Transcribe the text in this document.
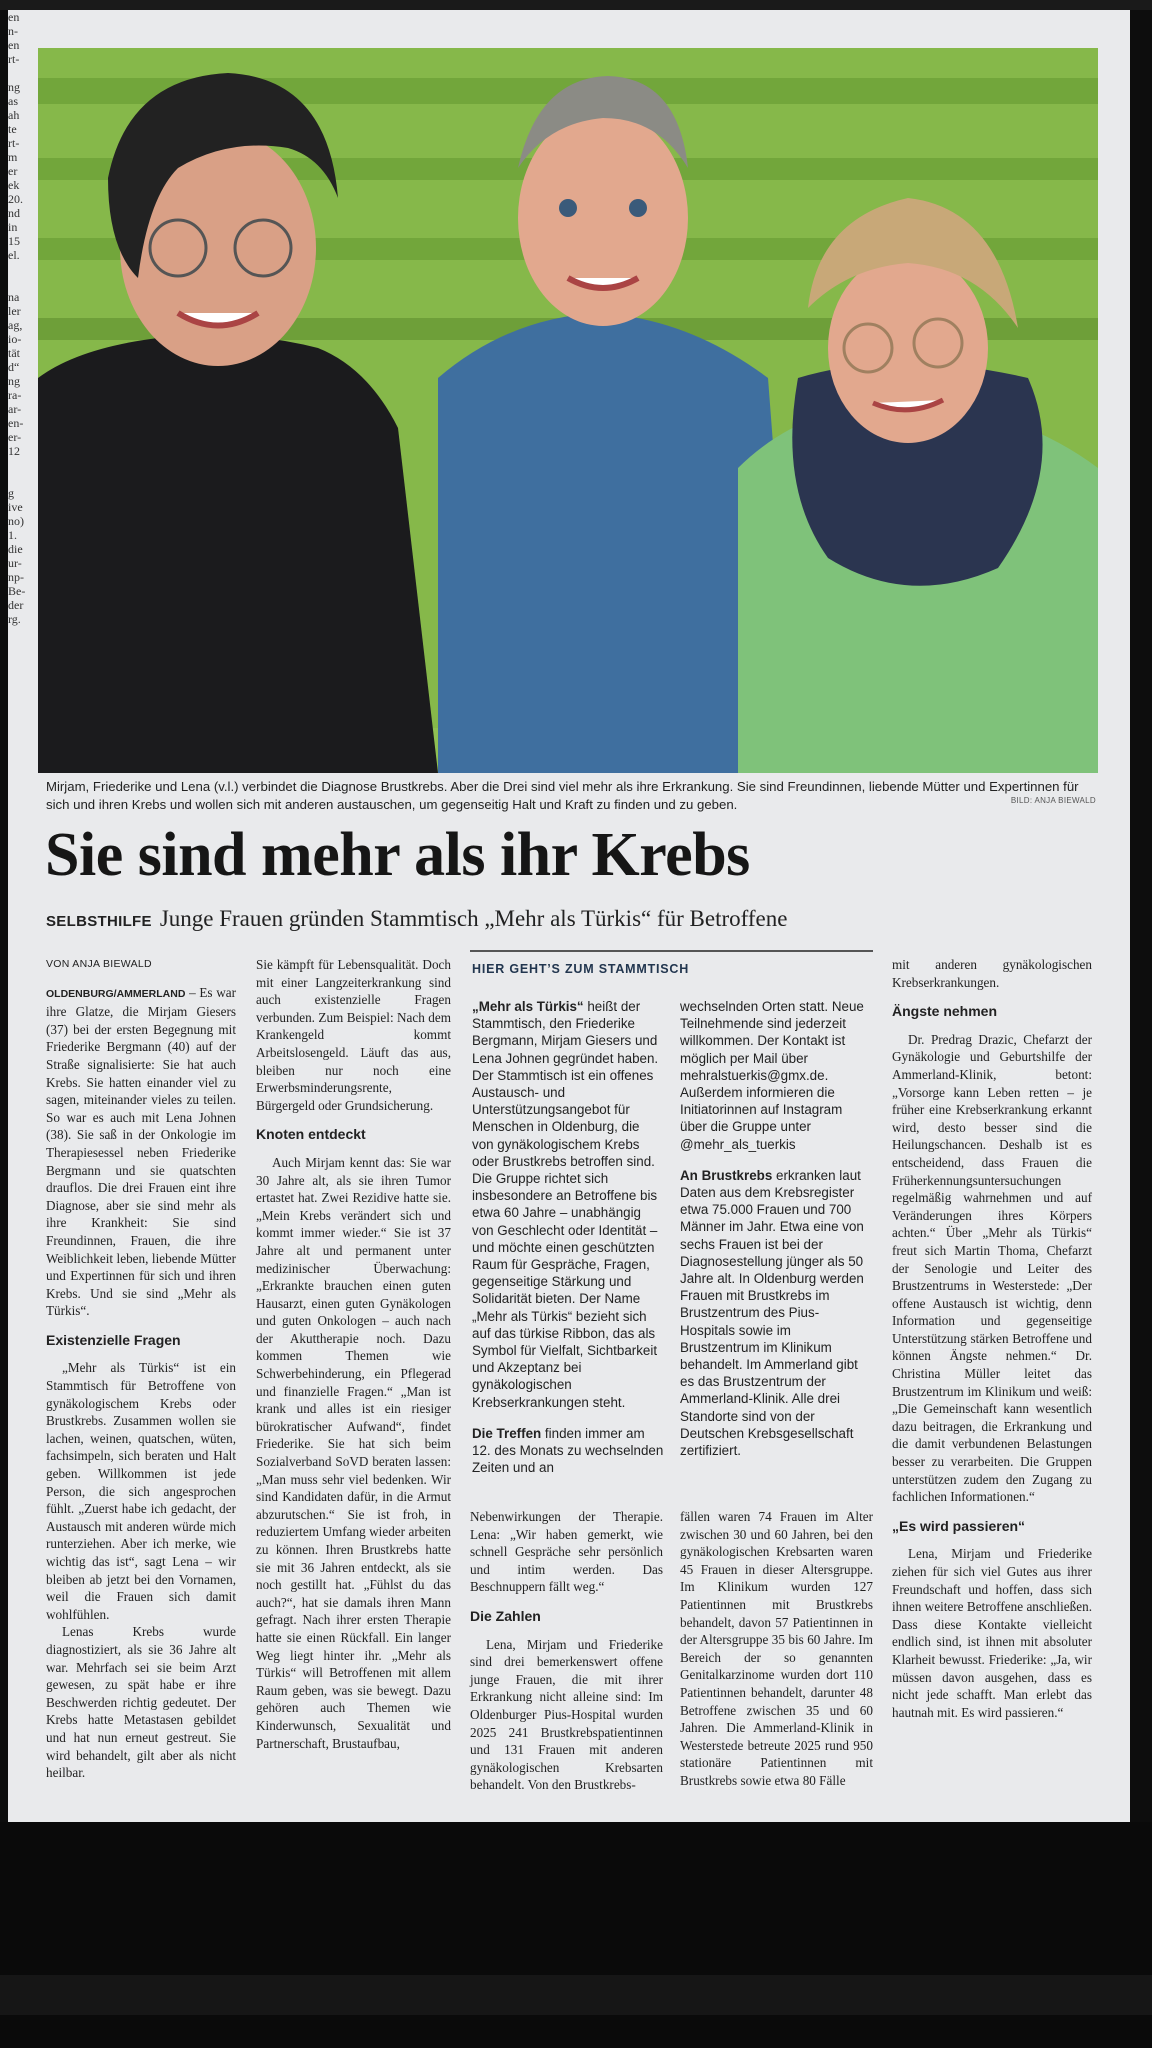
en
n-
en
rt-

ng
as
ah
te
rt-
m
er
ek
20.
nd
in
15
el.

na
ler
ag,
io-
tät
d“
ng
ra-
ar-
en-
er-
12

g
ive
no)
1.
die
ur-
np-
Be-
der
rg.
Mirjam, Friederike und Lena (v.l.) verbindet die Diagnose Brustkrebs. Aber die Drei sind viel mehr als ihre Erkrankung. Sie sind Freundinnen, liebende Mütter und Expertinnen für sich und ihren Krebs und wollen sich mit anderen austauschen, um gegenseitig Halt und Kraft zu finden und zu geben.	BILD: ANJA BIEWALD
Sie sind mehr als ihr Krebs
SELBSTHILFE Junge Frauen gründen Stammtisch „Mehr als Türkis“ für Betroffene
VON ANJA BIEWALD

OLDENBURG/AMMERLAND – Es war ihre Glatze, die Mirjam Giesers (37) bei der ersten Begegnung mit Friederike Bergmann (40) auf der Straße signalisierte: Sie hat auch Krebs. Sie hatten einander viel zu sagen, miteinander vieles zu teilen. So war es auch mit Lena Johnen (38). Sie saß in der Onkologie im Therapiesessel neben Friederike Bergmann und sie quatschten drauflos. Die drei Frauen eint ihre Diagnose, aber sie sind mehr als ihre Krankheit: Sie sind Freundinnen, Frauen, die ihre Weiblichkeit leben, liebende Mütter und Expertinnen für sich und ihren Krebs. Und sie sind „Mehr als Türkis“.

Existenzielle Fragen

„Mehr als Türkis“ ist ein Stammtisch für Betroffene von gynäkologischem Krebs oder Brustkrebs. Zusammen wollen sie lachen, weinen, quatschen, wüten, fachsimpeln, sich beraten und Halt geben. Willkommen ist jede Person, die sich angesprochen fühlt. „Zuerst habe ich gedacht, der Austausch mit anderen würde mich runterziehen. Aber ich merke, wie wichtig das ist“, sagt Lena – wir bleiben ab jetzt bei den Vornamen, weil die Frauen sich damit wohlfühlen.

Lenas Krebs wurde diagnostiziert, als sie 36 Jahre alt war. Mehrfach sei sie beim Arzt gewesen, zu spät habe er ihre Beschwerden richtig gedeutet. Der Krebs hatte Metastasen gebildet und hat nun erneut gestreut. Sie wird behandelt, gilt aber als nicht heilbar.

Sie kämpft für Lebensqualität. Doch mit einer Langzeiterkrankung sind auch existenzielle Fragen verbunden. Zum Beispiel: Nach dem Krankengeld kommt Arbeitslosengeld. Läuft das aus, bleiben nur noch eine Erwerbsminderungsrente, Bürgergeld oder Grundsicherung.

Knoten entdeckt

Auch Mirjam kennt das: Sie war 30 Jahre alt, als sie ihren Tumor ertastet hat. Zwei Rezidive hatte sie. „Mein Krebs verändert sich und kommt immer wieder.“ Sie ist 37 Jahre alt und permanent unter medizinischer Überwachung: „Erkrankte brauchen einen guten Hausarzt, einen guten Gynäkologen und guten Onkologen – auch nach der Akuttherapie noch. Dazu kommen Themen wie Schwerbehinderung, ein Pflegerad und finanzielle Fragen.“ „Man ist krank und alles ist ein riesiger bürokratischer Aufwand“, findet Friederike. Sie hat sich beim Sozialverband SoVD beraten lassen: „Man muss sehr viel bedenken. Wir sind Kandidaten dafür, in die Armut abzurutschen.“ Sie ist froh, in reduziertem Umfang wieder arbeiten zu können. Ihren Brustkrebs hatte sie mit 36 Jahren entdeckt, als sie noch gestillt hat. „Fühlst du das auch?“, hat sie damals ihren Mann gefragt. Nach ihrer ersten Therapie hatte sie einen Rückfall. Ein langer Weg liegt hinter ihr. „Mehr als Türkis“ will Betroffenen mit allem Raum geben, was sie bewegt. Dazu gehören auch Themen wie Kinderwunsch, Sexualität und Partnerschaft, Brustaufbau,

HIER GEHT’S ZUM STAMMTISCH

„Mehr als Türkis“ heißt der Stammtisch, den Friederike Bergmann, Mirjam Giesers und Lena Johnen gegründet haben. Der Stammtisch ist ein offenes Austausch- und Unterstützungsangebot für Menschen in Oldenburg, die von gynäkologischem Krebs oder Brustkrebs betroffen sind. Die Gruppe richtet sich insbesondere an Betroffene bis etwa 60 Jahre – unabhängig von Geschlecht oder Identität – und möchte einen geschützten Raum für Gespräche, Fragen, gegenseitige Stärkung und Solidarität bieten. Der Name „Mehr als Türkis“ bezieht sich auf das türkise Ribbon, das als Symbol für Vielfalt, Sichtbarkeit und Akzeptanz bei gynäkologischen Krebserkrankungen steht.

Die Treffen finden immer am 12. des Monats zu wechselnden Zeiten und an

wechselnden Orten statt. Neue Teilnehmende sind jederzeit willkommen. Der Kontakt ist möglich per Mail über mehralstuerkis@gmx.de. Außerdem informieren die Initiatorinnen auf Instagram über die Gruppe unter @mehr_als_tuerkis

An Brustkrebs erkranken laut Daten aus dem Krebsregister etwa 75.000 Frauen und 700 Männer im Jahr. Etwa eine von sechs Frauen ist bei der Diagnosestellung jünger als 50 Jahre alt. In Oldenburg werden Frauen mit Brustkrebs im Brustzentrum des Pius-Hospitals sowie im Brustzentrum im Klinikum behandelt. Im Ammerland gibt es das Brustzentrum der Ammerland-Klinik. Alle drei Standorte sind von der Deutschen Krebsgesellschaft zertifiziert.

Nebenwirkungen der Therapie. Lena: „Wir haben gemerkt, wie schnell Gespräche sehr persönlich und intim werden. Das Beschnuppern fällt weg.“

Die Zahlen

Lena, Mirjam und Friederike sind drei bemerkenswert offene junge Frauen, die mit ihrer Erkrankung nicht alleine sind: Im Oldenburger Pius-Hospital wurden 2025 241 Brustkrebspatientinnen und 131 Frauen mit anderen gynäkologischen Krebsarten behandelt. Von den Brustkrebs-

fällen waren 74 Frauen im Alter zwischen 30 und 60 Jahren, bei den gynäkologischen Krebsarten waren 45 Frauen in dieser Altersgruppe. Im Klinikum wurden 127 Patientinnen mit Brustkrebs behandelt, davon 57 Patientinnen in der Altersgruppe 35 bis 60 Jahre. Im Bereich der so genannten Genitalkarzinome wurden dort 110 Patientinnen behandelt, darunter 48 Betroffene zwischen 35 und 60 Jahren. Die Ammerland-Klinik in Westerstede betreute 2025 rund 950 stationäre Patientinnen mit Brustkrebs sowie etwa 80 Fälle

mit anderen gynäkologischen Krebserkrankungen.

Ängste nehmen

Dr. Predrag Drazic, Chefarzt der Gynäkologie und Geburtshilfe der Ammerland-Klinik, betont: „Vorsorge kann Leben retten – je früher eine Krebserkrankung erkannt wird, desto besser sind die Heilungschancen. Deshalb ist es entscheidend, dass Frauen die Früherkennungsuntersuchungen regelmäßig wahrnehmen und auf Veränderungen ihres Körpers achten.“ Über „Mehr als Türkis“ freut sich Martin Thoma, Chefarzt der Senologie und Leiter des Brustzentrums in Westerstede: „Der offene Austausch ist wichtig, denn Information und gegenseitige Unterstützung stärken Betroffene und können Ängste nehmen.“ Dr. Christina Müller leitet das Brustzentrum im Klinikum und weiß: „Die Gemeinschaft kann wesentlich dazu beitragen, die Erkrankung und die damit verbundenen Belastungen besser zu verarbeiten. Die Gruppen unterstützen zudem den Zugang zu fachlichen Informationen.“

„Es wird passieren“

Lena, Mirjam und Friederike ziehen für sich viel Gutes aus ihrer Freundschaft und hoffen, dass sich ihnen weitere Betroffene anschließen. Dass diese Kontakte vielleicht endlich sind, ist ihnen mit absoluter Klarheit bewusst. Friederike: „Ja, wir müssen davon ausgehen, dass es nicht jede schafft. Man erlebt das hautnah mit. Es wird passieren.“
